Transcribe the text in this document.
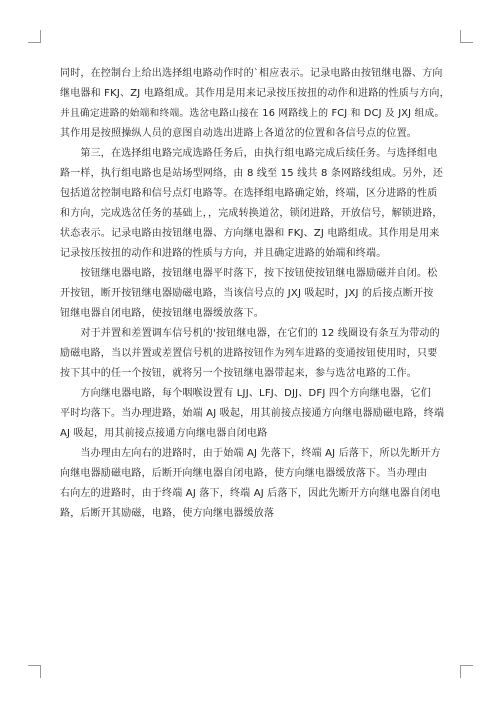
同时，在控制台上给出选择组电路动作时的`相应表示。记录电路由按钮继电器、方向
继电器和 FKJ、ZJ 电路组成。其作用是用来记录按压按扭的动作和进路的性质与方向，
并且确定进路的始端和终端。选岔电路山接在 16 网路线上的 FCJ 和 DCJ 及 JXJ 组成。
其作用是按照操纵人员的意图自动选出进路上各道岔的位置和各信号点的位置。
　　第三，在选择组电路完成选路任务后，由执行组电路完成后续任务。与选择组电
路一样，执行组电路也是站场型网络，由 8 线至 15 线共 8 条网路线组成。另外，还
包括道岔控制电路和信号点灯电路等。在选择组电路确定始，终端，区分进路的性质
和方向，完成选岔任务的基础上，，完成转换道岔，锁闭进路，开放信号，解锁进路，
状态表示。记录电路由按钮继电器、方向继电器和 FKJ、ZJ 电路组成。其作用是用来
记录按压按扭的动作和进路的性质与方向，并且确定进路的始端和终端。
　　按钮继电器电路，按钮继电器平时落下，按下按钮使按钮继电器励磁并自闭。松
开按钮，断开按钮继电器励磁电路，当该信号点的 JXJ 吸起时，JXJ 的后接点断开按
钮继电器自闭电路，使按钮继电器缓放落下。
　　对于并置和差置调车信号机的'按钮继电器，在它们的 12 线圈设有条互为带动的
励磁电路，当以并置或差置信号机的进路按钮作为列车进路的变通按钮使用时，只要
按下其中的任一个按钮，就将另一个按钮继电器带起来，参与选岔电路的工作。
　　方向继电器电路，每个咽喉设置有 LJJ、LFJ、DJJ、DFJ 四个方向继电器，它们
平时均落下。当办理进路，始端 AJ 吸起，用其前接点接通方向继电器励磁电路，终端
AJ 吸起，用其前接点接通方向继电器自闭电路
　　当办理由左向右的进路时，由于始端 AJ 先落下，终端 AJ 后落下，所以先断开方
向继电器励磁电路，后断开向继电器自闭电路，使方向继电器缓放落下。当办理由
右向左的进路时，由于终端 AJ 落下，终端 AJ 后落下，因此先断开方向继电器自闭电
路，后断开其励磁，电路，使方向继电器缓放落
